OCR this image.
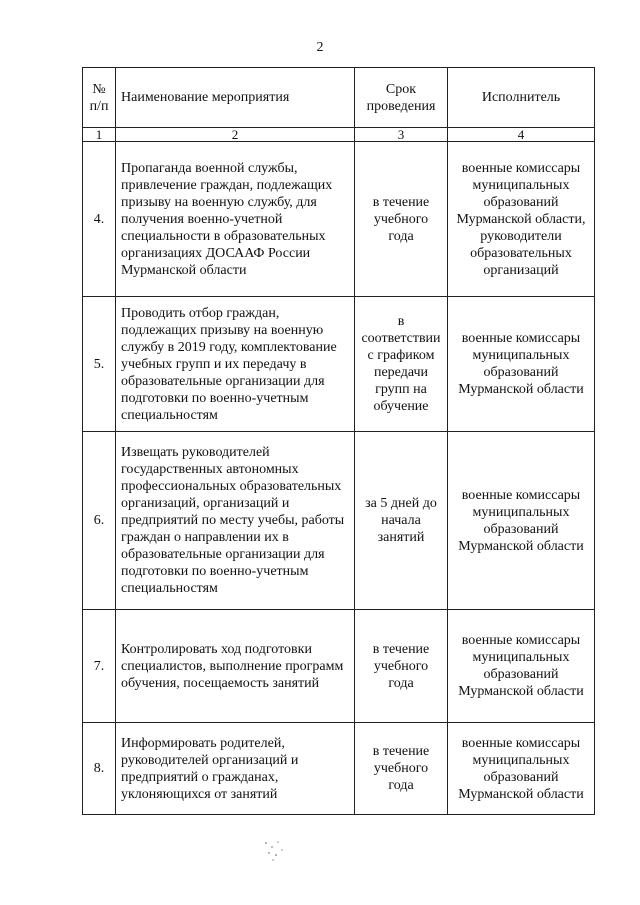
2
№ п/п	Наименование мероприятия	Срок проведения	Исполнитель
1	2	3	4
4.	Пропаганда военной службы, привлечение граждан, подлежащих призыву на военную службу, для получения военно-учетной специальности в образовательных организациях ДОСААФ России Мурманской области	в течение учебного года	военные комиссары муниципальных образований Мурманской области, руководители образовательных организаций
5.	Проводить отбор граждан, подлежащих призыву на военную службу в 2019 году, комплектование учебных групп и их передачу в образовательные организации для подготовки по военно-учетным специальностям	в соответствии с графиком передачи групп на обучение	военные комиссары муниципальных образований Мурманской области
6.	Извещать руководителей государственных автономных профессиональных образовательных организаций, организаций и предприятий по месту учебы, работы граждан о направлении их в образовательные организации для подготовки по военно-учетным специальностям	за 5 дней до начала занятий	военные комиссары муниципальных образований Мурманской области
7.	Контролировать ход подготовки специалистов, выполнение программ обучения, посещаемость занятий	в течение учебного года	военные комиссары муниципальных образований Мурманской области
8.	Информировать родителей, руководителей организаций и предприятий о гражданах, уклоняющихся от занятий	в течение учебного года	военные комиссары муниципальных образований Мурманской области
